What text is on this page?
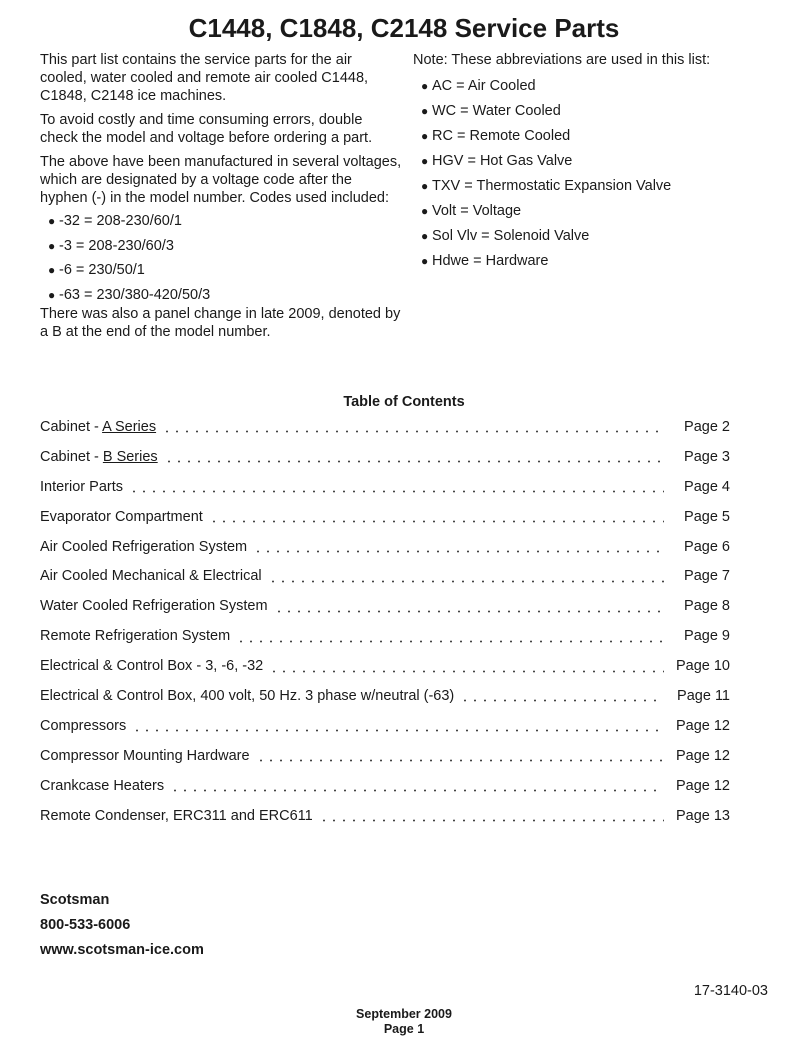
C1448, C1848, C2148 Service Parts

This part list contains the service parts for the air cooled, water cooled and remote air cooled C1448, C1848, C2148 ice machines.

To avoid costly and time consuming errors, double check the model and voltage before ordering a part.

The above have been manufactured in several voltages, which are designated by a voltage code after the hyphen (-) in the model number. Codes used included:

● -32 = 208-230/60/1
● -3 = 208-230/60/3
● -6 = 230/50/1
● -63 = 230/380-420/50/3

There was also a panel change in late 2009, denoted by a B at the end of the model number.

Note: These abbreviations are used in this list:
● AC = Air Cooled
● WC = Water Cooled
● RC = Remote Cooled
● HGV = Hot Gas Valve
● TXV = Thermostatic Expansion Valve
● Volt = Voltage
● Sol Vlv = Solenoid Valve
● Hdwe = Hardware
Table of Contents
Cabinet - A Series	Page 2
Cabinet - B Series	Page 3
Interior Parts	Page 4
Evaporator Compartment	Page 5
Air Cooled Refrigeration System	Page 6
Air Cooled Mechanical & Electrical	Page 7
Water Cooled Refrigeration System	Page 8
Remote Refrigeration System	Page 9
Electrical & Control Box - 3, -6, -32	Page 10
Electrical & Control Box, 400 volt, 50 Hz. 3 phase w/neutral (-63)	Page 11
Compressors	Page 12
Compressor Mounting Hardware	Page 12
Crankcase Heaters	Page 12
Remote Condenser, ERC311 and ERC611	Page 13
Scotsman
800-533-6006
www.scotsman-ice.com
17-3140-03
September 2009
Page 1
